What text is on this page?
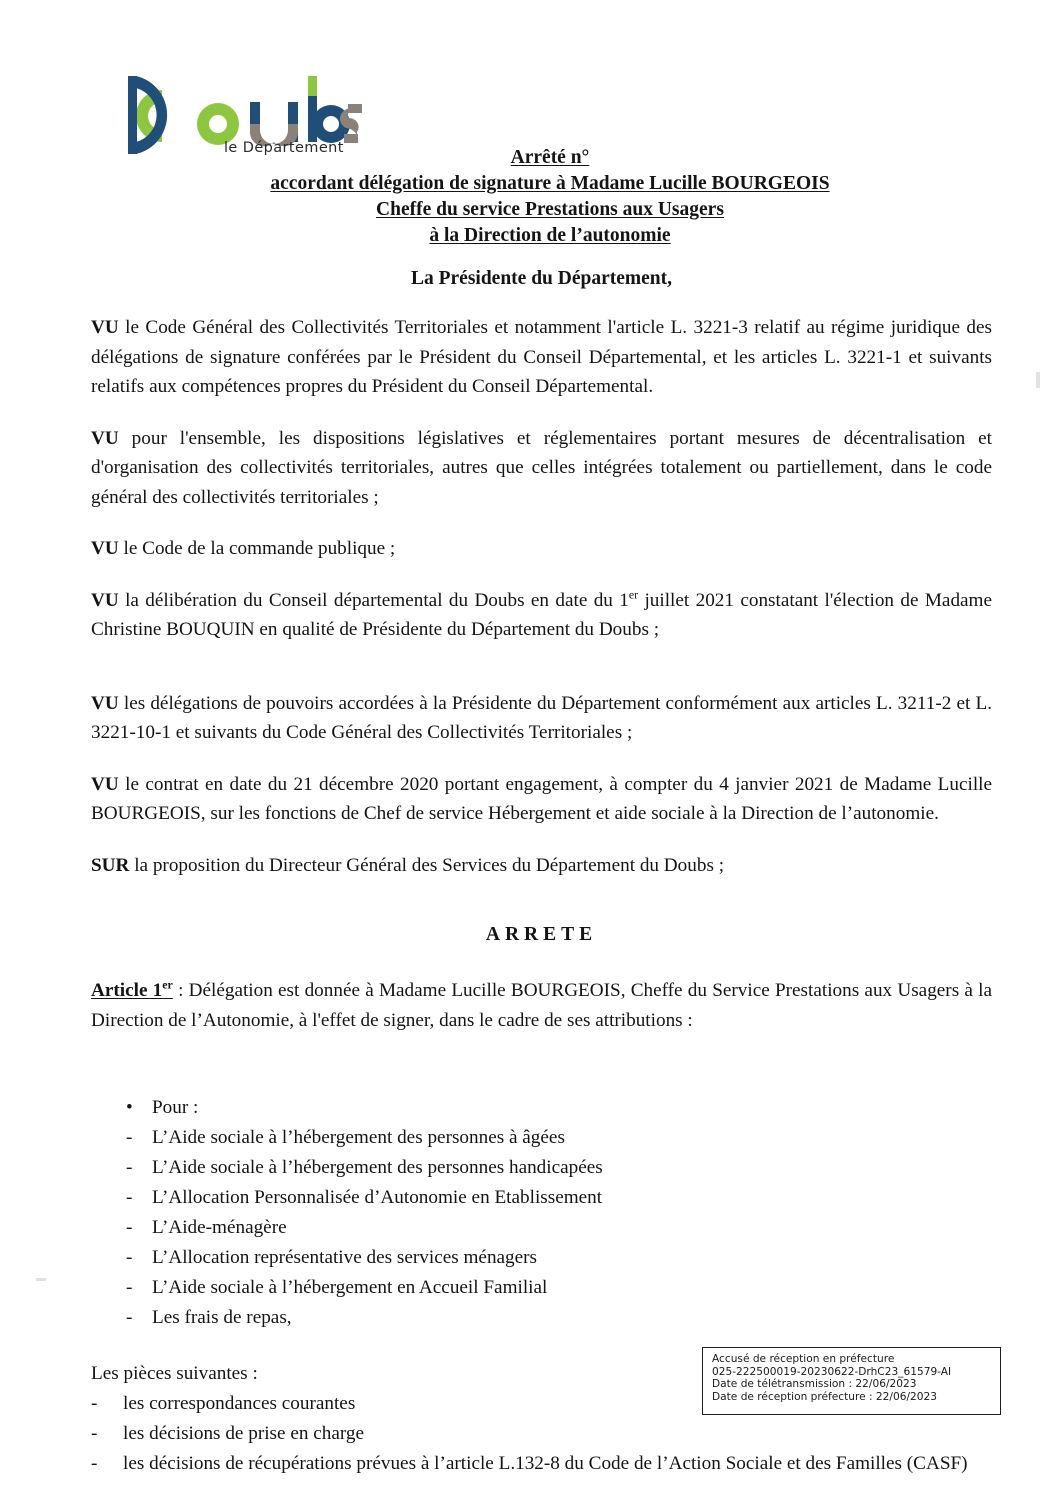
le Département	Arrêté n°
accordant délégation de signature à Madame Lucille BOURGEOIS
Cheffe du service Prestations aux Usagers
à la Direction de l’autonomie
La Présidente du Département,

VU le Code Général des Collectivités Territoriales et notamment l'article L. 3221-3 relatif au régime juridique des délégations de signature conférées par le Président du Conseil Départemental, et les articles L. 3221-1 et suivants relatifs aux compétences propres du Président du Conseil Départemental.

VU pour l'ensemble, les dispositions législatives et réglementaires portant mesures de décentralisation et d'organisation des collectivités territoriales, autres que celles intégrées totalement ou partiellement, dans le code général des collectivités territoriales ;

VU le Code de la commande publique ;

VU la délibération du Conseil départemental du Doubs en date du 1er juillet 2021 constatant l'élection de Madame Christine BOUQUIN en qualité de Présidente du Département du Doubs ;

VU les délégations de pouvoirs accordées à la Présidente du Département conformément aux articles L. 3211-2 et L. 3221-10-1 et suivants du Code Général des Collectivités Territoriales ;

VU le contrat en date du 21 décembre 2020 portant engagement, à compter du 4 janvier 2021 de Madame Lucille BOURGEOIS, sur les fonctions de Chef de service Hébergement et aide sociale à la Direction de l’autonomie.

SUR la proposition du Directeur Général des Services du Département du Doubs ;

ARRETE

Article 1er : Délégation est donnée à Madame Lucille BOURGEOIS, Cheffe du Service Prestations aux Usagers à la Direction de l’Autonomie, à l'effet de signer, dans le cadre de ses attributions :

• Pour :
- L’Aide sociale à l’hébergement des personnes à âgées
- L’Aide sociale à l’hébergement des personnes handicapées
- L’Allocation Personnalisée d’Autonomie en Etablissement
- L’Aide-ménagère
- L’Allocation représentative des services ménagers
- L’Aide sociale à l’hébergement en Accueil Familial
- Les frais de repas,

Les pièces suivantes :

- les correspondances courantes
- les décisions de prise en charge
- les décisions de récupérations prévues à l’article L.132-8 du Code de l’Action Sociale et des Familles (CASF)
Accusé de réception en préfecture
025-222500019-20230622-DrhC23_61579-AI
Date de télétransmission : 22/06/2023
Date de réception préfecture : 22/06/2023
